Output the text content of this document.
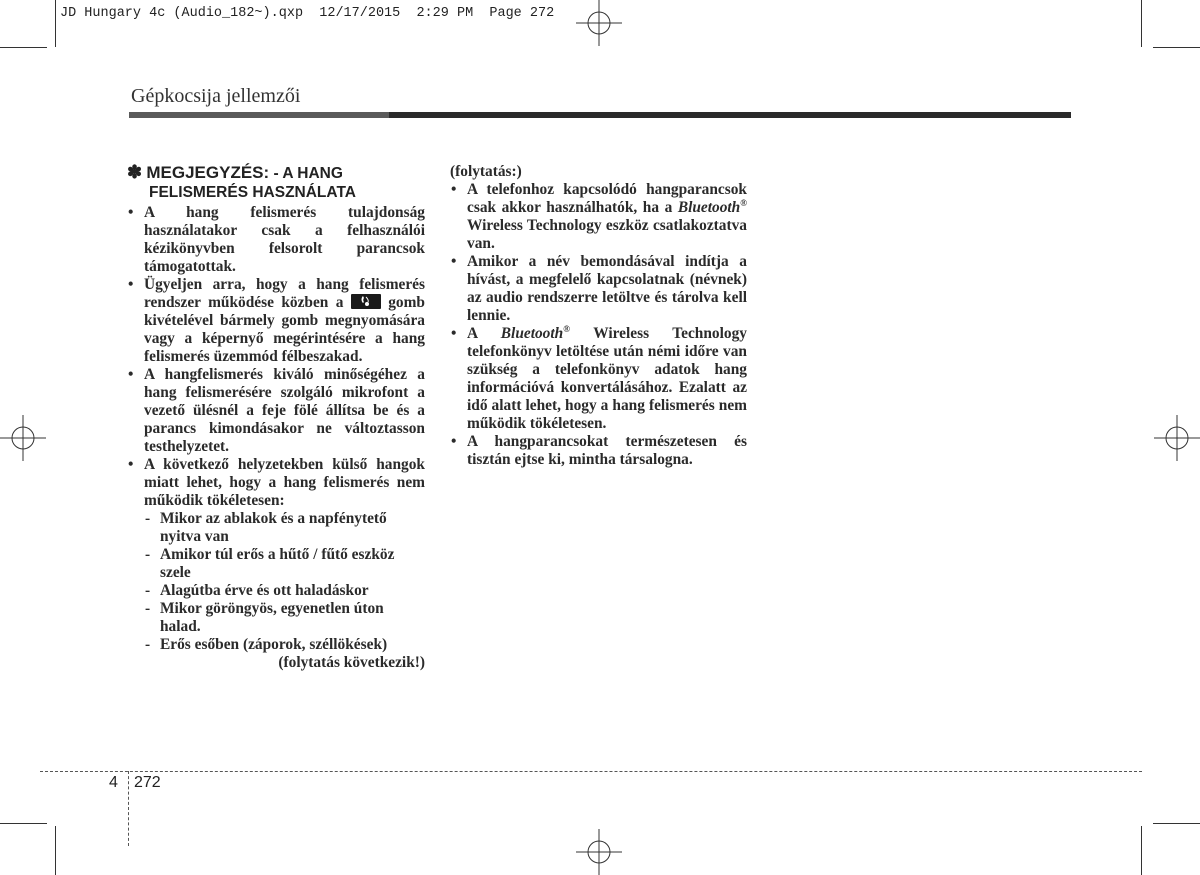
JD Hungary 4c (Audio_182~).qxp  12/17/2015  2:29 PM  Page 272
Gépkocsija jellemzői
✽ MEGJEGYZÉS: - A HANG
FELISMERÉS HASZNÁLATA
• A hang felismerés tulajdonság használatakor csak a felhasználói kézikönyvben felsorolt parancsok támogatottak.
• Ügyeljen arra, hogy a hang felismerés rendszer működése közben a	gomb kivételével bármely gomb megnyomására vagy a képernyő megérintésére a hang felismerés üzemmód félbeszakad.
• A hangfelismerés kiváló minőségéhez a hang felismerésére szolgáló mikrofont a vezető ülésnél a feje fölé állítsa be és a parancs kimondásakor ne változtasson testhelyzetet.
• A következő helyzetekben külső hangok miatt lehet, hogy a hang felismerés nem működik tökéletesen:
- Mikor az ablakok és a napfénytető nyitva van
- Amikor túl erős a hűtő / fűtő eszköz szele
- Alagútba érve és ott haladáskor
- Mikor göröngyös, egyenetlen úton halad.
- Erős esőben (záporok, széllökések)
(folytatás következik!)
(folytatás:)
• A telefonhoz kapcsolódó hangparancsok csak akkor használhatók, ha a Bluetooth® Wireless Technology eszköz csatlakoztatva van.
• Amikor a név bemondásával indítja a hívást, a megfelelő kapcsolatnak (névnek) az audio rendszerre letöltve és tárolva kell lennie.
• A Bluetooth® Wireless Technology telefonkönyv letöltése után némi időre van szükség a telefonkönyv adatok hang információvá konvertálásához. Ezalatt az idő alatt lehet, hogy a hang felismerés nem működik tökéletesen.
• A hangparancsokat természetesen és tisztán ejtse ki, mintha társalogna.
4 272
